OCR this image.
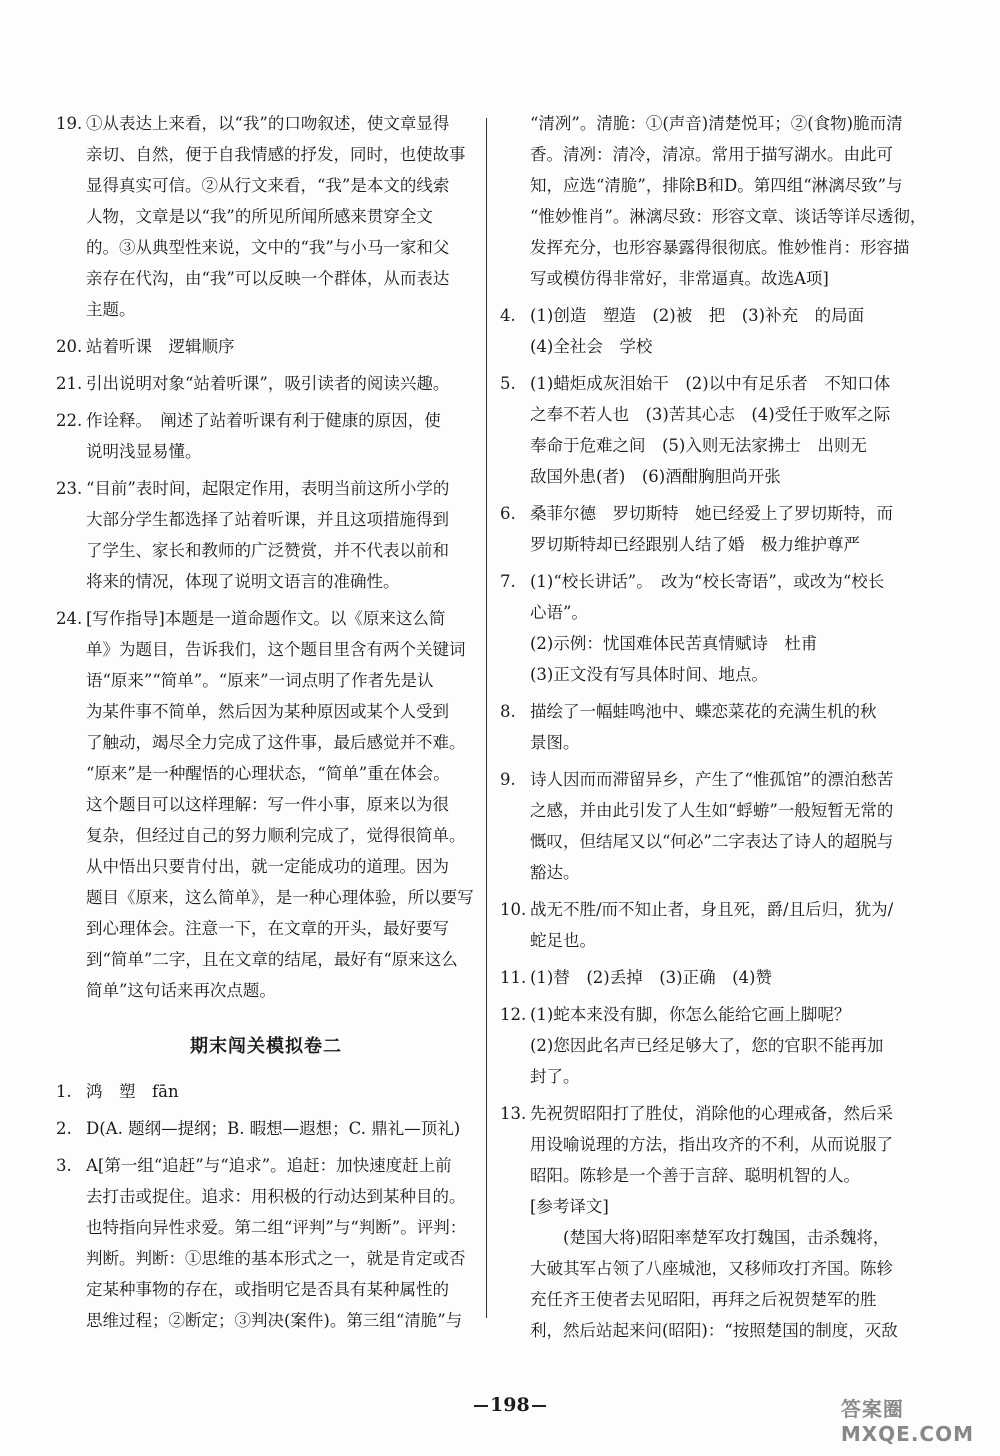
19. ①从表达上来看，以“我”的口吻叙述，使文章显得
亲切、自然，便于自我情感的抒发，同时，也使故事
显得真实可信。②从行文来看，“我”是本文的线索
人物，文章是以“我”的所见所闻所感来贯穿全文
的。③从典型性来说，文中的“我”与小马一家和父
亲存在代沟，由“我”可以反映一个群体，从而表达
主题。
20. 站着听课　逻辑顺序
21. 引出说明对象“站着听课”，吸引读者的阅读兴趣。
22. 作诠释。　阐述了站着听课有利于健康的原因，使
说明浅显易懂。
23. “目前”表时间，起限定作用，表明当前这所小学的
大部分学生都选择了站着听课，并且这项措施得到
了学生、家长和教师的广泛赞赏，并不代表以前和
将来的情况，体现了说明文语言的准确性。
24. [写作指导]本题是一道命题作文。以《原来这么简
单》为题目，告诉我们，这个题目里含有两个关键词
语“原来”“简单”。“原来”一词点明了作者先是认
为某件事不简单，然后因为某种原因或某个人受到
了触动，竭尽全力完成了这件事，最后感觉并不难。
“原来”是一种醒悟的心理状态，“简单”重在体会。
这个题目可以这样理解：写一件小事，原来以为很
复杂，但经过自己的努力顺利完成了，觉得很简单。
从中悟出只要肯付出，就一定能成功的道理。因为
题目《原来，这么简单》，是一种心理体验，所以要写
到心理体会。注意一下，在文章的开头，最好要写
到“简单”二字，且在文章的结尾，最好有“原来这么
简单”这句话来再次点题。
期末闯关模拟卷二
1. 鸿　塑　fān
2. D(A. 题纲—提纲；B. 暇想—遐想；C. 鼎礼—顶礼)
3. A[第一组“追赶”与“追求”。追赶：加快速度赶上前
去打击或捉住。追求：用积极的行动达到某种目的。
也特指向异性求爱。第二组“评判”与“判断”。评判：
判断。判断：①思维的基本形式之一，就是肯定或否
定某种事物的存在，或指明它是否具有某种属性的
思维过程；②断定；③判决(案件)。第三组“清脆”与
“清冽”。清脆：①(声音)清楚悦耳；②(食物)脆而清
香。清冽：清冷，清凉。常用于描写湖水。由此可
知，应选“清脆”，排除B和D。第四组“淋漓尽致”与
“惟妙惟肖”。淋漓尽致：形容文章、谈话等详尽透彻，
发挥充分，也形容暴露得很彻底。惟妙惟肖：形容描
写或模仿得非常好，非常逼真。故选A项]
4. (1)创造　塑造　(2)被　把　(3)补充　的局面
(4)全社会　学校
5. (1)蜡炬成灰泪始干　(2)以中有足乐者　不知口体
之奉不若人也　(3)苦其心志　(4)受任于败军之际
奉命于危难之间　(5)入则无法家拂士　出则无
敌国外患(者)　(6)酒酣胸胆尚开张
6. 桑菲尔德　罗切斯特　她已经爱上了罗切斯特，而
罗切斯特却已经跟别人结了婚　极力维护尊严
7. (1)“校长讲话”。　改为“校长寄语”，或改为“校长
心语”。
(2)示例：忧国难体民苦真情赋诗　杜甫
(3)正文没有写具体时间、地点。
8. 描绘了一幅蛙鸣池中、蝶恋菜花的充满生机的秋
景图。
9. 诗人因而而滞留异乡，产生了“惟孤馆”的漂泊愁苦
之感，并由此引发了人生如“蜉蝣”一般短暂无常的
慨叹，但结尾又以“何必”二字表达了诗人的超脱与
豁达。
10. 战无不胜/而不知止者，身且死，爵/且后归，犹为/
蛇足也。
11. (1)替　(2)丢掉　(3)正确　(4)赞
12. (1)蛇本来没有脚，你怎么能给它画上脚呢？
(2)您因此名声已经足够大了，您的官职不能再加
封了。
13. 先祝贺昭阳打了胜仗，消除他的心理戒备，然后采
用设喻说理的方法，指出攻齐的不利，从而说服了
昭阳。陈轸是一个善于言辞、聪明机智的人。
[参考译文]
　　(楚国大将)昭阳率楚军攻打魏国，击杀魏将，
大破其军占领了八座城池，又移师攻打齐国。陈轸
充任齐王使者去见昭阳，再拜之后祝贺楚军的胜
利，然后站起来问(昭阳)：“按照楚国的制度，灭敌
198	答案圈
MXQE.COM
